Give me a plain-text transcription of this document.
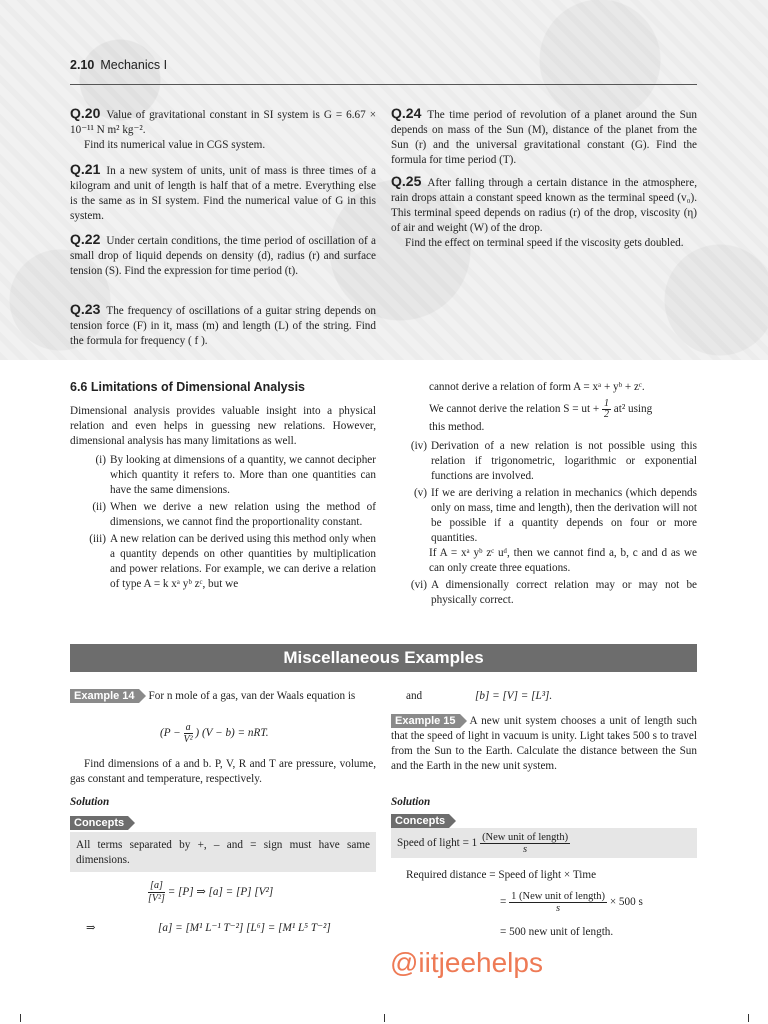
2.10 Mechanics I

Q.20 Value of gravitational constant in SI system is G = 6.67 × 10⁻¹¹ N m² kg⁻².

Find its numerical value in CGS system.

Q.21 In a new system of units, unit of mass is three times of a kilogram and unit of length is half that of a metre. Everything else is the same as in SI system. Find the numerical value of G in this system.

Q.22 Under certain conditions, the time period of oscillation of a small drop of liquid depends on density (d), radius (r) and surface tension (S). Find the expression for time period (t).

Q.23 The frequency of oscillations of a guitar string depends on tension force (F) in it, mass (m) and length (L) of the string. Find the formula for frequency ( f ).

Q.24 The time period of revolution of a planet around the Sun depends on mass of the Sun (M), distance of the planet from the Sun (r) and the universal gravitational constant (G). Find the formula for time period (T).

Q.25 After falling through a certain distance in the atmosphere, rain drops attain a constant speed known as the terminal speed (v₀). This terminal speed depends on radius (r) of the drop, viscosity (η) of air and weight (W) of the drop.

Find the effect on terminal speed if the viscosity gets doubled.

6.6 Limitations of Dimensional Analysis
Dimensional analysis provides valuable insight into a physical relation and even helps in guessing new relations. However, dimensional analysis has many limitations as well.
(i) By looking at dimensions of a quantity, we cannot decipher which quantity it refers to. More than one quantities can have the same dimensions.
(ii) When we derive a new relation using the method of dimensions, we cannot find the proportionality constant.
(iii) A new relation can be derived using this method only when a quantity depends on other quantities by multiplication and power relations. For example, we can derive a relation of type A = k xᵃ yᵇ zᶜ, but we

cannot derive a relation of form A = xᵃ + yᵇ + zᶜ.

We cannot derive the relation S = ut + $\frac{1}{2} at^2$ using

this method.

(iv) Derivation of a new relation is not possible using this relation if trigonometric, logarithmic or exponential functions are involved.
(v) If we are deriving a relation in mechanics (which depends only on mass, time and length), then the derivation will not be possible if a quantity depends on four or more quantities.

If A = xᵃ yᵇ zᶜ uᵈ, then we cannot find a, b, c and d as we can only create three equations.

(vi) A dimensionally correct relation may or may not be physically correct.
Miscellaneous Examples

Example 14 For n mole of a gas, van der Waals equation is

($P - \frac{a}{\text{V²}}$ ) (V − b) = nRT.
Find dimensions of a and b. P, V, R and T are pressure, volume, gas constant and temperature, respectively.
Solution
Concepts

All terms separated by +, – and = sign must have same dimensions.

$\frac{[a]}{\text{[V²]}} = [P]$ ⇒ [a] = [P] [V²]
⇒	[a] = [M¹ L⁻¹ T⁻²] [L⁶] = [M¹ L⁵ T⁻²]
and	[b] = [V] = [L³].

Example 15 A new unit system chooses a unit of length such that the speed of light in vacuum is unity. Light takes 500 s to travel from the Sun to the Earth. Calculate the distance between the Sun and the Earth in the new unit system.

Solution
Concepts
Speed of light = $1 \frac{\text{(New unit of length)}}{s}$
Required distance = Speed of light × Time
= $\frac{\text{1 (New unit of length)}}{s} \times 500$ s
= 500 new unit of length.
@iitjeehelps
